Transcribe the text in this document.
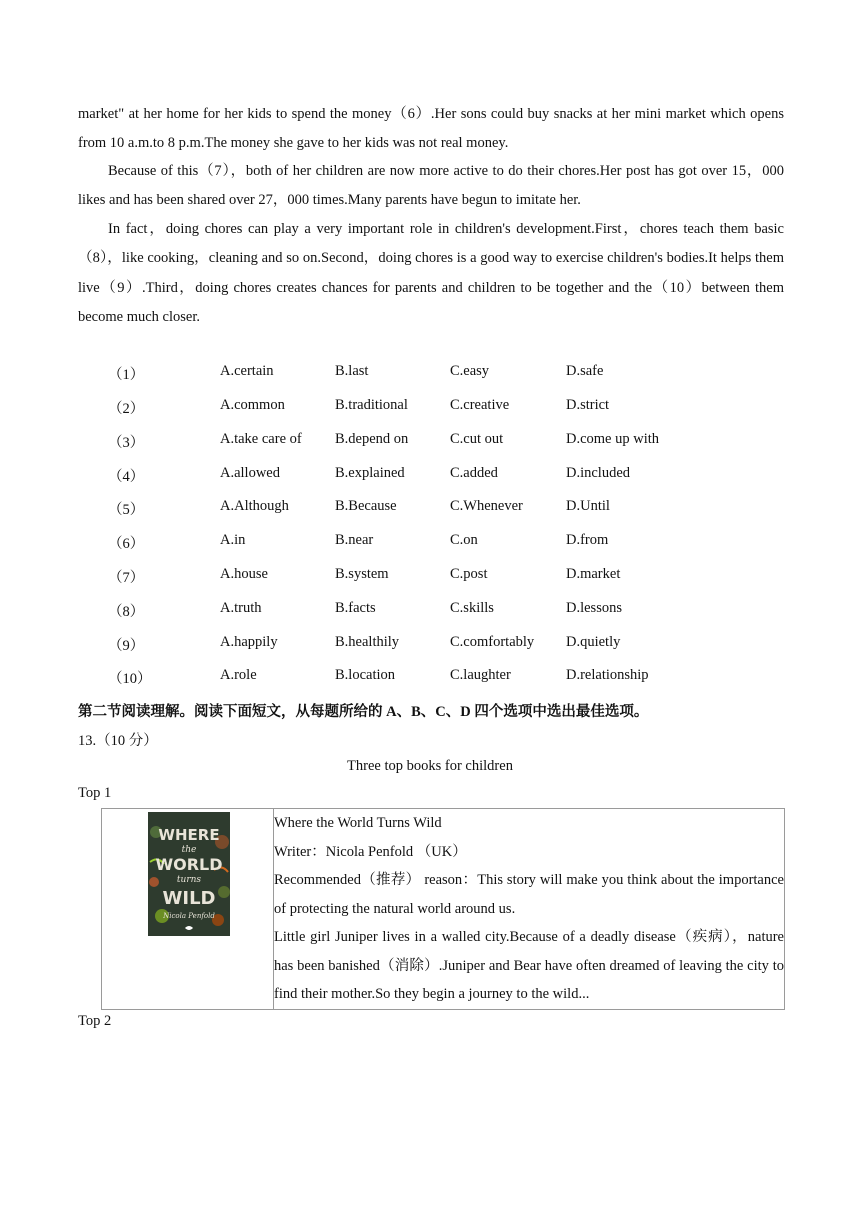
market" at her home for her kids to spend the money（6）.Her sons could buy snacks at her mini market which opens from 10 a.m.to 8 p.m.The money she gave to her kids was not real money.

Because of this（7），both of her children are now more active to do their chores.Her post has got over 15，000 likes and has been shared over 27，000 times.Many parents have begun to imitate her.

In fact，doing chores can play a very important role in children's development.First，chores teach them basic（8），like cooking，cleaning and so on.Second，doing chores is a good way to exercise children's bodies.It helps them live（9）.Third，doing chores creates chances for parents and children to be together and the（10）between them become much closer.

（1）	A.certain	B.last	C.easy	D.safe
（2）	A.common	B.traditional	C.creative	D.strict
（3）	A.take care of B.depend on	C.cut out	D.come up with
（4）	A.allowed	B.explained	C.added	D.included
（5）	A.Although	B.Because	C.Whenever	D.Until
（6）	A.in	B.near	C.on	D.from
（7）	A.house	B.system	C.post	D.market
（8）	A.truth	B.facts	C.skills	D.lessons
（9）	A.happily	B.healthily	C.comfortably D.quietly
（10）	A.role	B.location	C.laughter	D.relationship
第二节阅读理解。阅读下面短文，从每题所给的 A、B、C、D 四个选项中选出最佳选项。
13.（10 分）
Three top books for children
Top 1
WHERE
the
WORLD
turns
WILD
Nicola Penfold

Where the World Turns Wild
Writer：Nicola Penfold （UK）
Recommended（推荐） reason：This story will make you think about the importance of protecting the natural world around us.
Little girl Juniper lives in a walled city.Because of a deadly disease（疾病），nature has been banished（消除）.Juniper and Bear have often dreamed of leaving the city to find their mother.So they begin a journey to the wild...
Top 2
